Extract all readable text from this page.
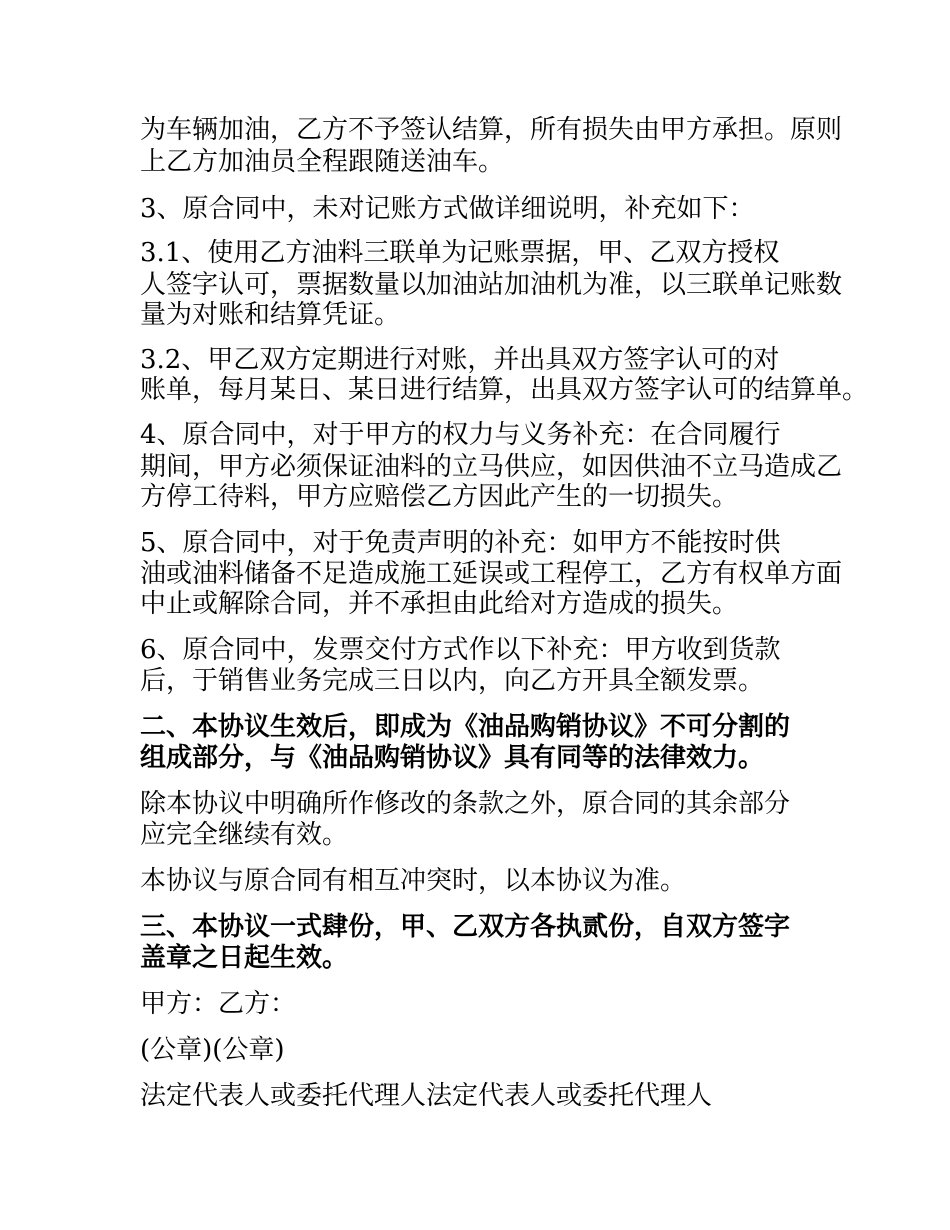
为车辆加油，乙方不予签认结算，所有损失由甲方承担。原则
上乙方加油员全程跟随送油车。
3、原合同中，未对记账方式做详细说明，补充如下：
3.1、使用乙方油料三联单为记账票据，甲、乙双方授权
人签字认可，票据数量以加油站加油机为准，以三联单记账数
量为对账和结算凭证。
3.2、甲乙双方定期进行对账，并出具双方签字认可的对
账单，每月某日、某日进行结算，出具双方签字认可的结算单。
4、原合同中，对于甲方的权力与义务补充：在合同履行
期间，甲方必须保证油料的立马供应，如因供油不立马造成乙
方停工待料，甲方应赔偿乙方因此产生的一切损失。
5、原合同中，对于免责声明的补充：如甲方不能按时供
油或油料储备不足造成施工延误或工程停工，乙方有权单方面
中止或解除合同，并不承担由此给对方造成的损失。
6、原合同中，发票交付方式作以下补充：甲方收到货款
后，于销售业务完成三日以内，向乙方开具全额发票。
二、本协议生效后，即成为《油品购销协议》不可分割的
组成部分，与《油品购销协议》具有同等的法律效力。
除本协议中明确所作修改的条款之外，原合同的其余部分
应完全继续有效。
本协议与原合同有相互冲突时，以本协议为准。
三、本协议一式肆份，甲、乙双方各执贰份，自双方签字
盖章之日起生效。
甲方：乙方：
(公章)(公章)
法定代表人或委托代理人法定代表人或委托代理人
